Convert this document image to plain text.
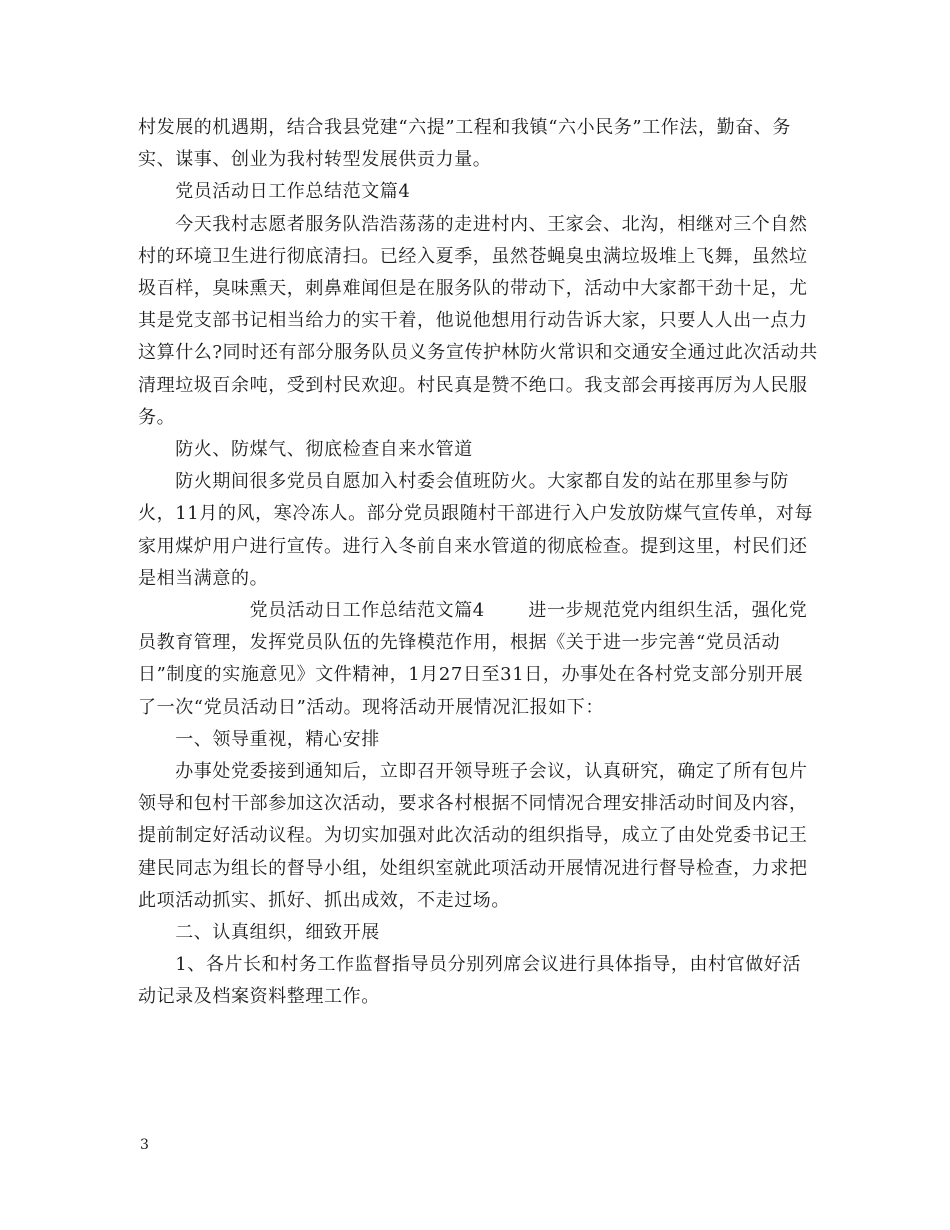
村发展的机遇期，结合我县党建“六提”工程和我镇“六小民务”工作法，勤奋、务实、谋事、创业为我村转型发展供贡力量。

　　党员活动日工作总结范文篇4

　　今天我村志愿者服务队浩浩荡荡的走进村内、王家会、北沟，相继对三个自然村的环境卫生进行彻底清扫。已经入夏季，虽然苍蝇臭虫满垃圾堆上飞舞，虽然垃圾百样，臭味熏天，刺鼻难闻但是在服务队的带动下，活动中大家都干劲十足，尤其是党支部书记相当给力的实干着，他说他想用行动告诉大家，只要人人出一点力这算什么?同时还有部分服务队员义务宣传护林防火常识和交通安全通过此次活动共清理垃圾百余吨，受到村民欢迎。村民真是赞不绝口。我支部会再接再厉为人民服务。

　　防火、防煤气、彻底检查自来水管道

　　防火期间很多党员自愿加入村委会值班防火。大家都自发的站在那里参与防火，11月的风，寒冷冻人。部分党员跟随村干部进行入户发放防煤气宣传单，对每家用煤炉用户进行宣传。进行入冬前自来水管道的彻底检查。提到这里，村民们还是相当满意的。

　　　　　　党员活动日工作总结范文篇4　　 进一步规范党内组织生活，强化党员教育管理，发挥党员队伍的先锋模范作用，根据《关于进一步完善“党员活动日”制度的实施意见》文件精神，1月27日至31日，办事处在各村党支部分别开展了一次“党员活动日”活动。现将活动开展情况汇报如下：

　　一、领导重视，精心安排

　　办事处党委接到通知后，立即召开领导班子会议，认真研究，确定了所有包片领导和包村干部参加这次活动，要求各村根据不同情况合理安排活动时间及内容，提前制定好活动议程。为切实加强对此次活动的组织指导，成立了由处党委书记王建民同志为组长的督导小组，处组织室就此项活动开展情况进行督导检查，力求把此项活动抓实、抓好、抓出成效，不走过场。

　　二、认真组织，细致开展

　　1、各片长和村务工作监督指导员分别列席会议进行具体指导，由村官做好活动记录及档案资料整理工作。

3
